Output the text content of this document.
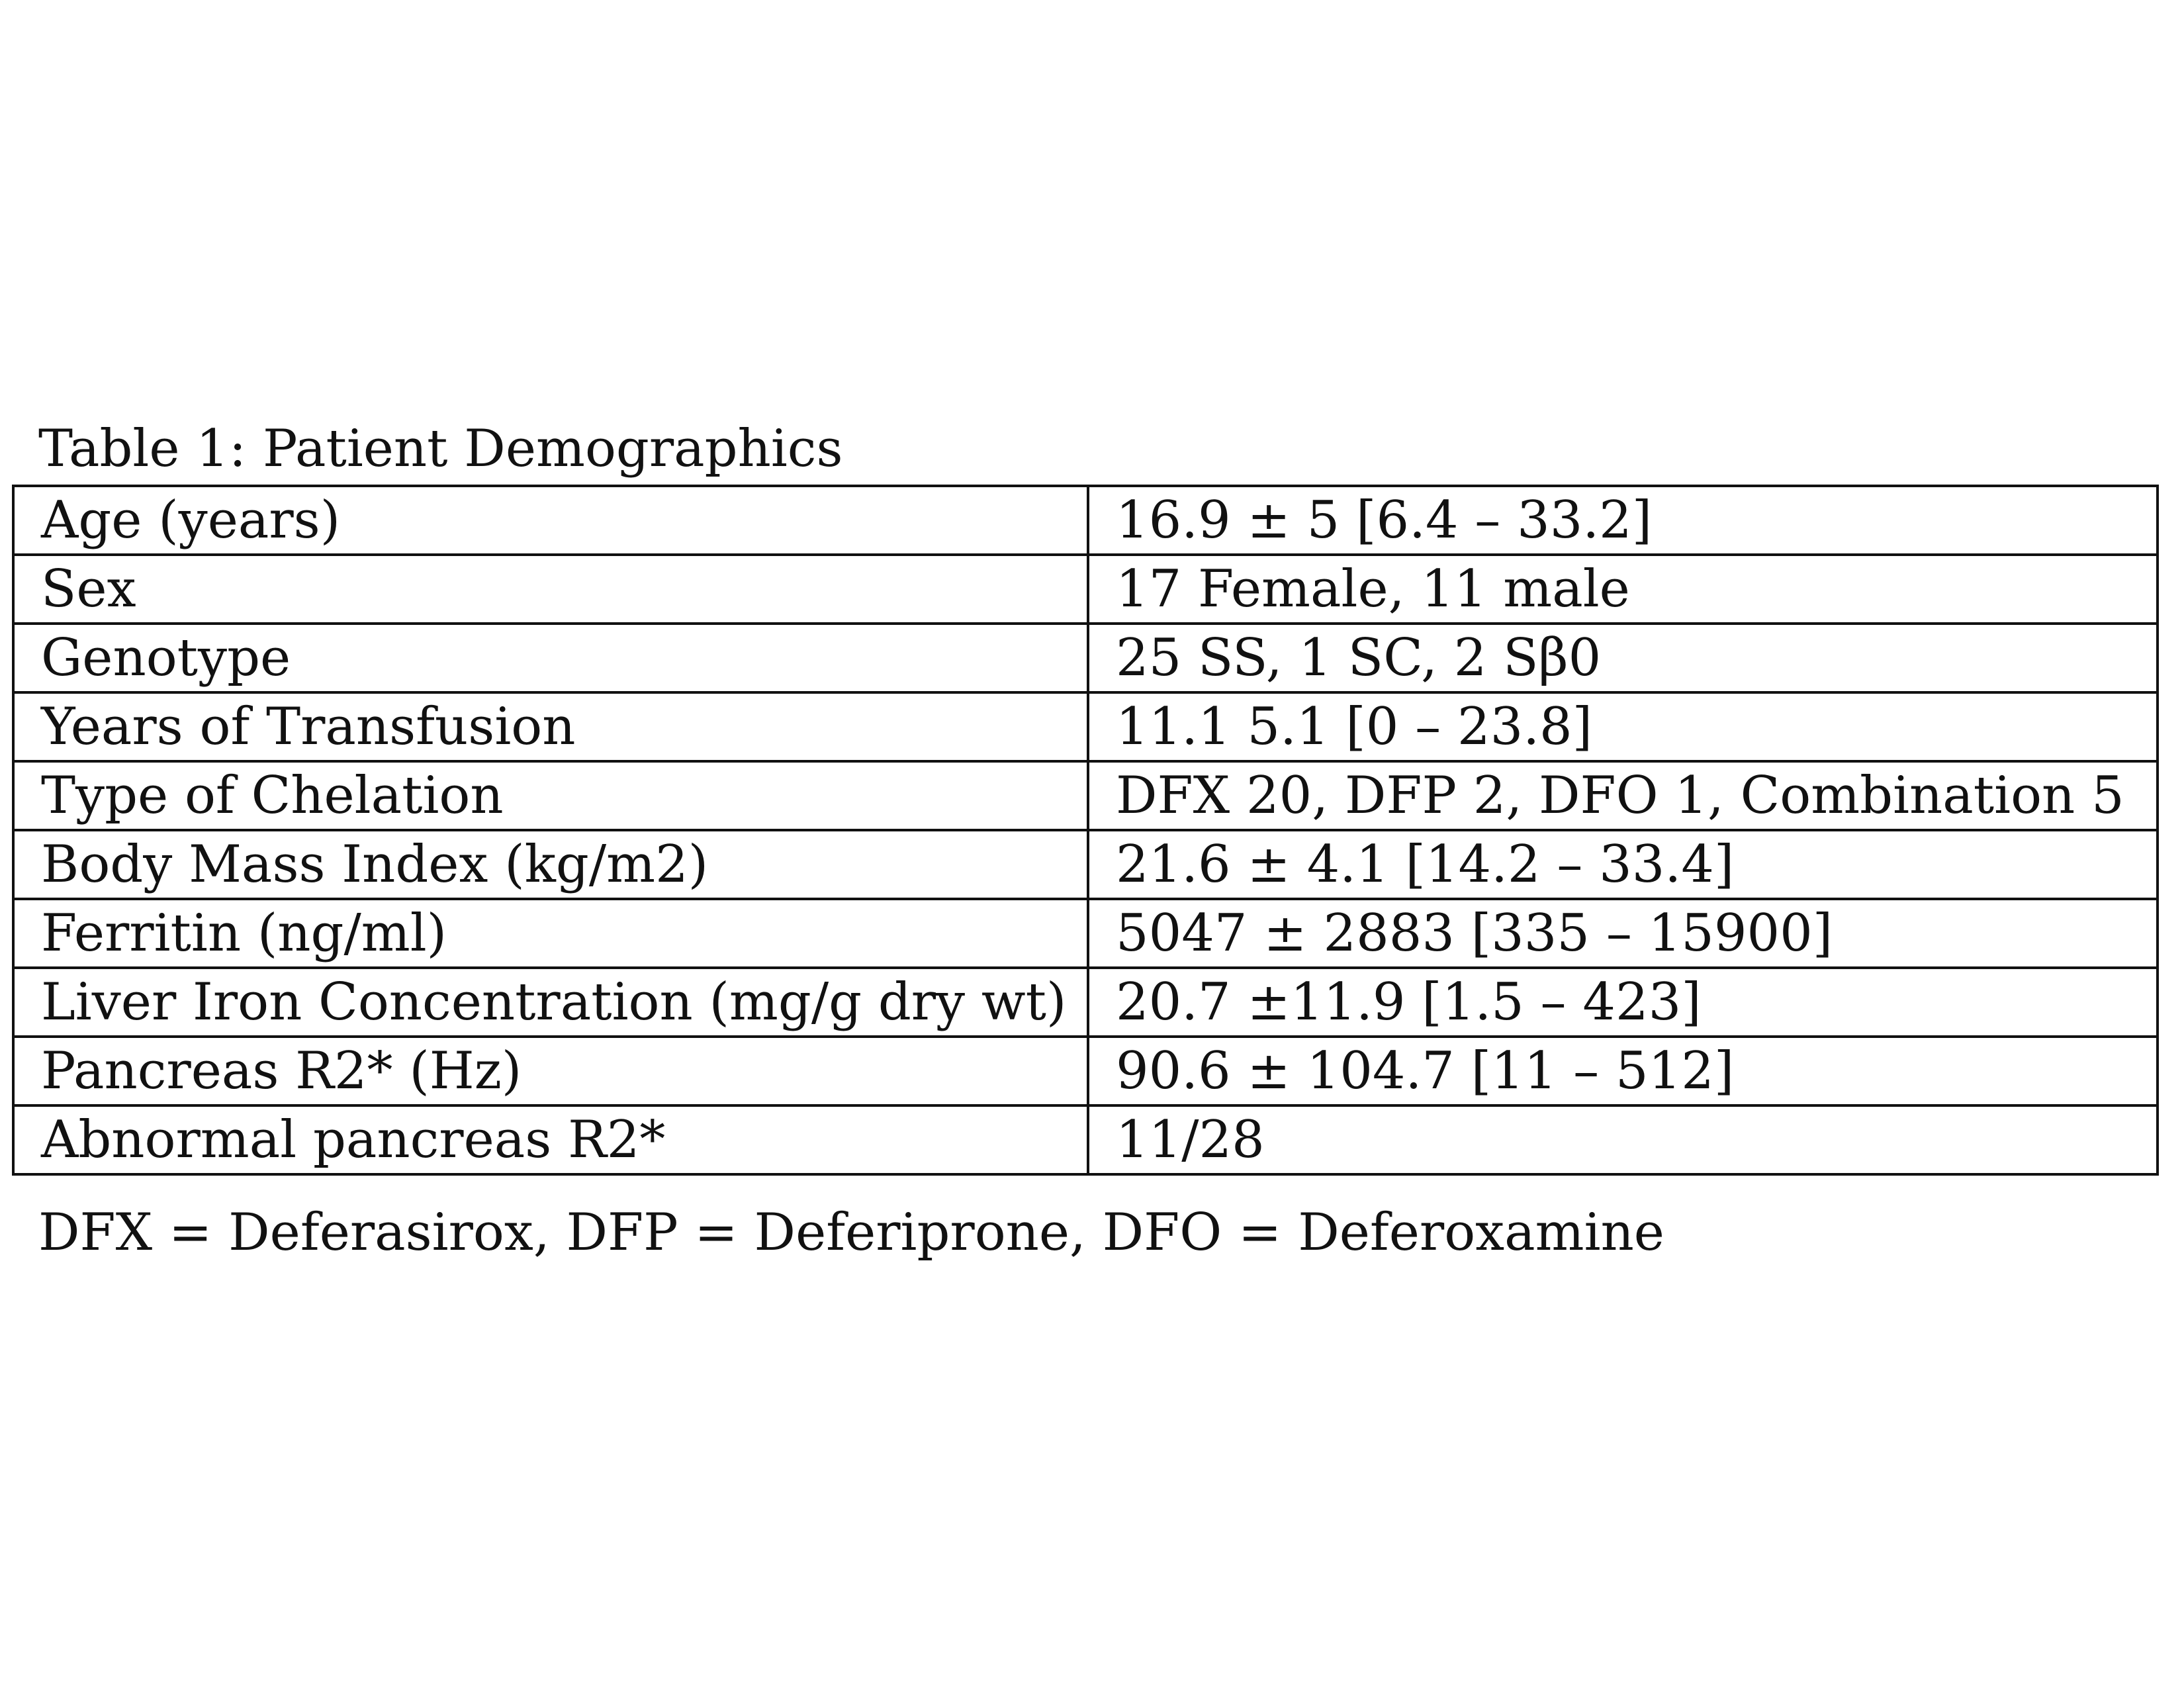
Table 1: Patient Demographics
Age (years)	16.9 ± 5 [6.4 – 33.2]
Sex	17 Female, 11 male
Genotype	25 SS, 1 SC, 2 Sβ0
Years of Transfusion	11.1 5.1 [0 – 23.8]
Type of Chelation	DFX 20, DFP 2, DFO 1, Combination 5
Body Mass Index (kg/m2)	21.6 ± 4.1 [14.2 – 33.4]
Ferritin (ng/ml)	5047 ± 2883 [335 – 15900]
Liver Iron Concentration (mg/g dry wt)	20.7 ±11.9 [1.5 – 423]
Pancreas R2* (Hz)	90.6 ± 104.7 [11 – 512]
Abnormal pancreas R2*	11/28
DFX = Deferasirox, DFP = Deferiprone, DFO = Deferoxamine
